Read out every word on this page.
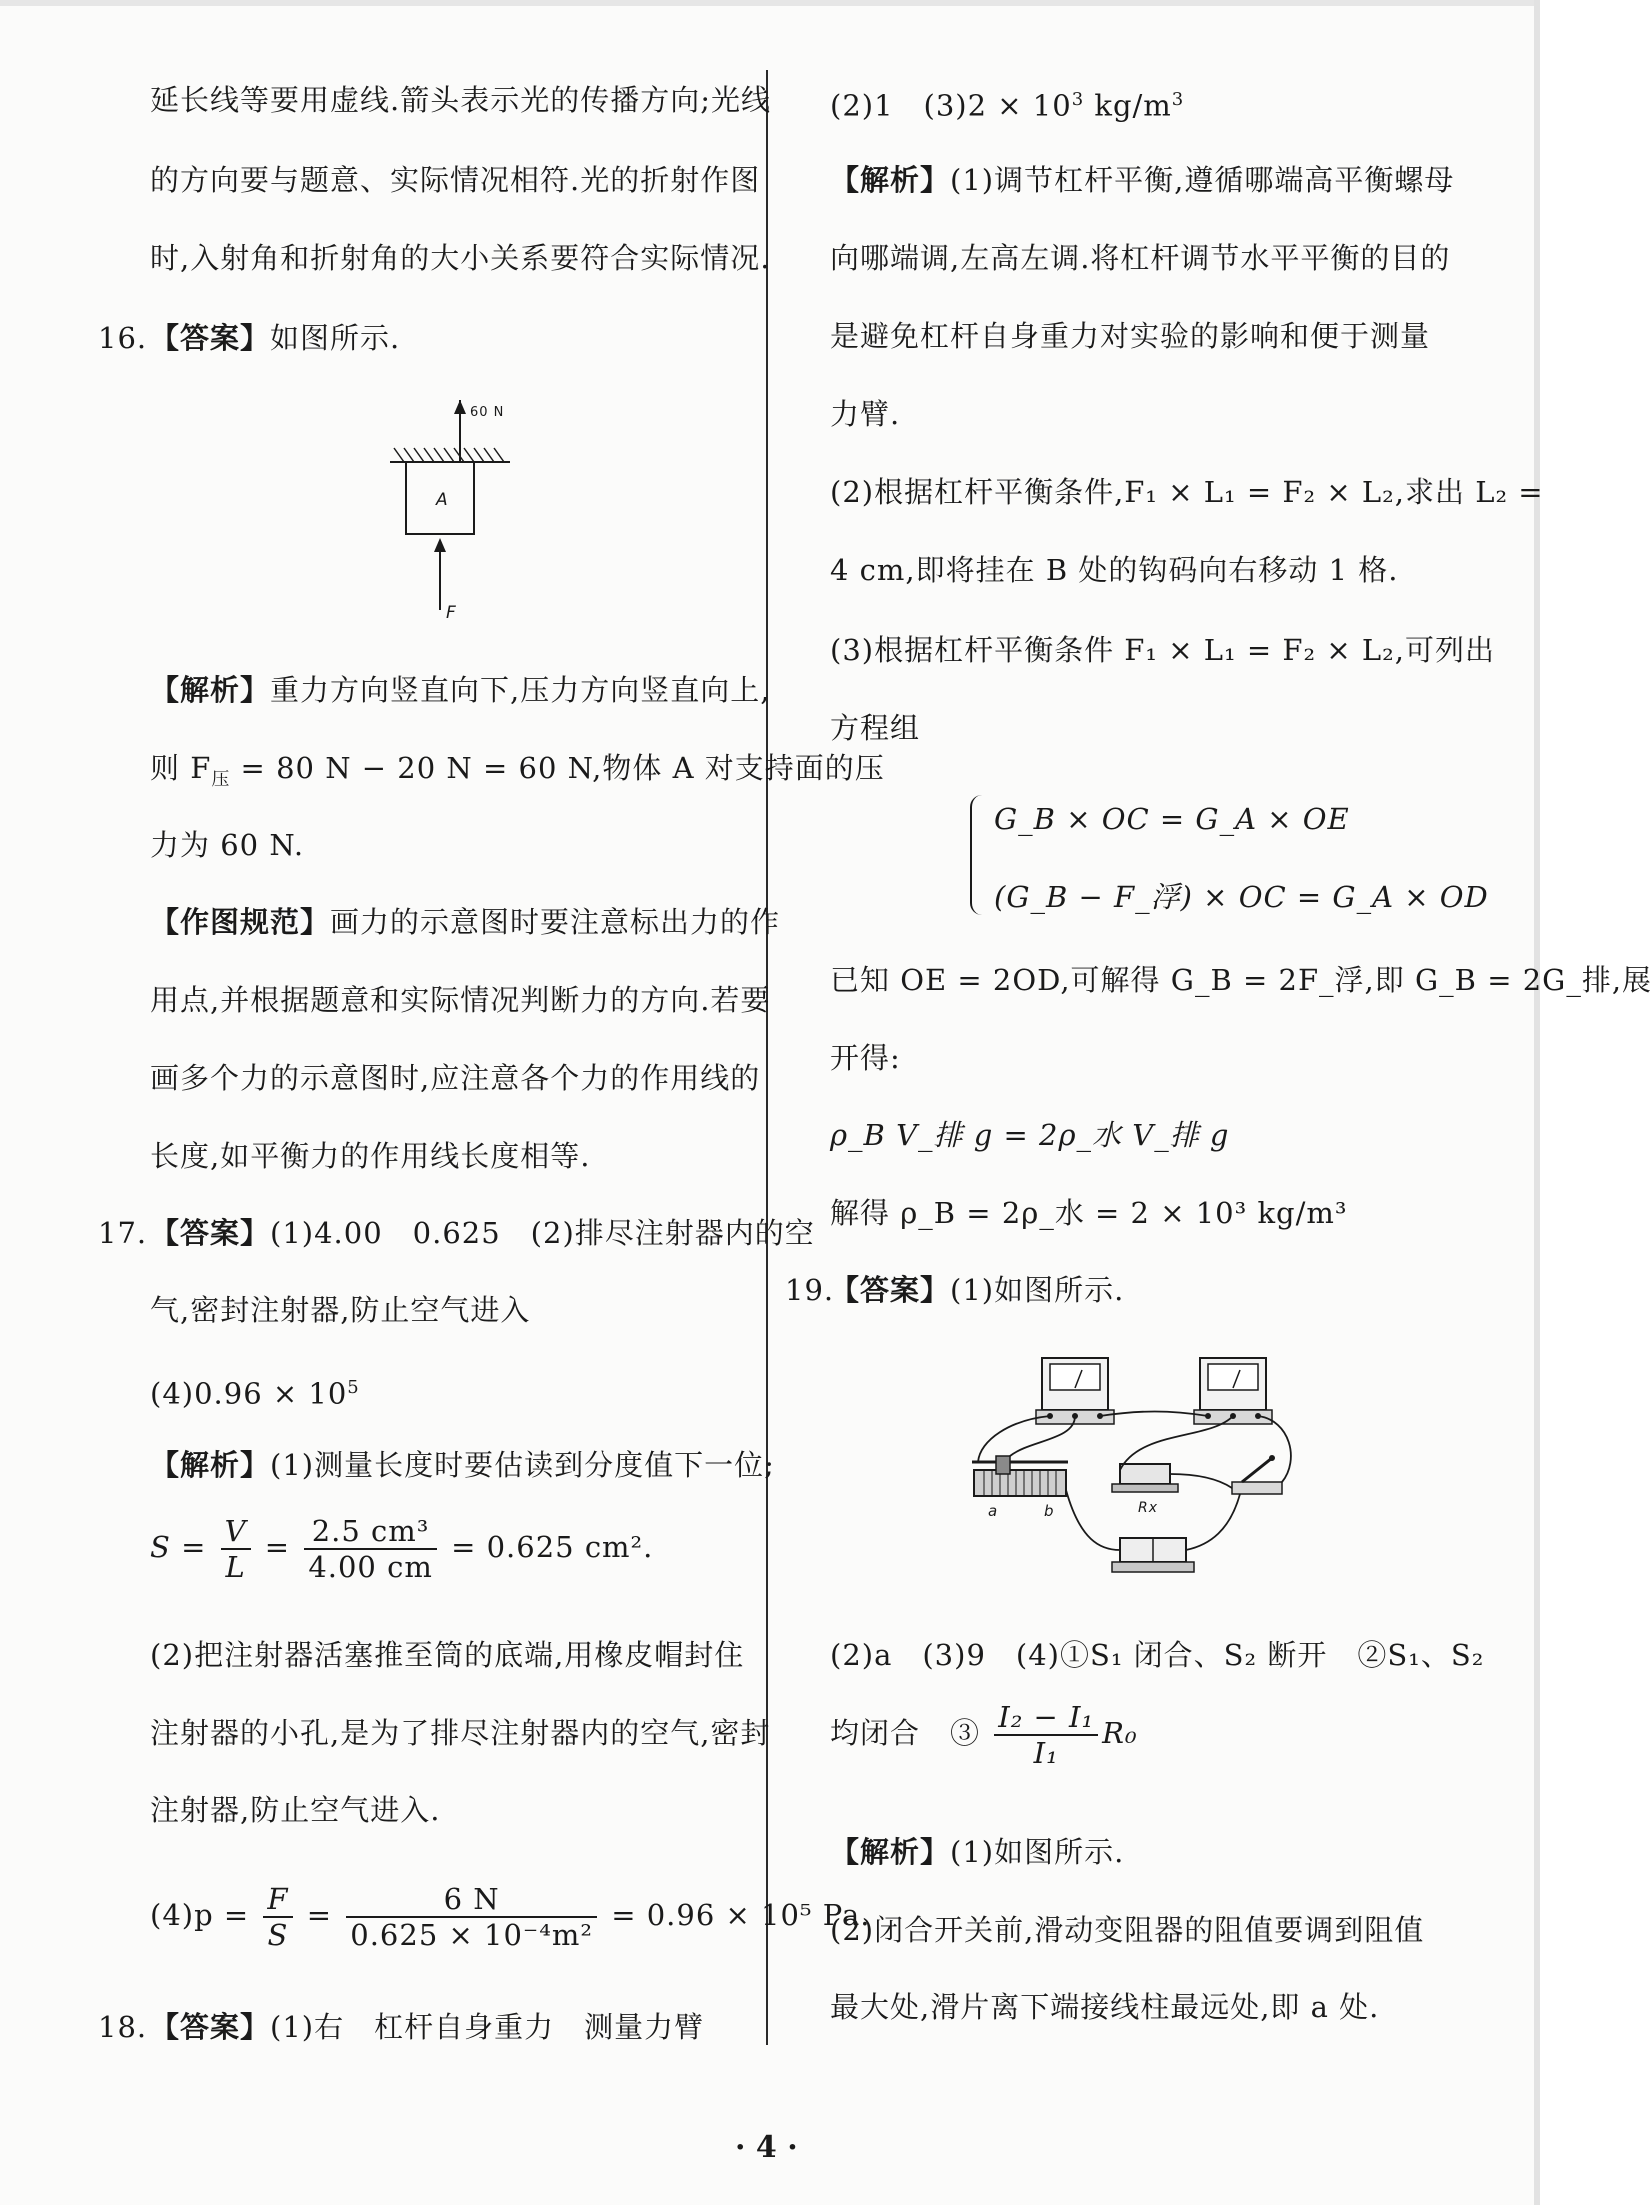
延长线等要用虚线.箭头表示光的传播方向;光线
的方向要与题意、实际情况相符.光的折射作图
时,入射角和折射角的大小关系要符合实际情况.
16. 【答案】如图所示.
60 N
A
F
【解析】重力方向竖直向下,压力方向竖直向上,
则 $F_压 = 80$ N − 20 N = 60 N,物体 A 对支持面的压
力为 60 N.
【作图规范】画力的示意图时要注意标出力的作
用点,并根据题意和实际情况判断力的方向.若要
画多个力的示意图时,应注意各个力的作用线的
长度,如平衡力的作用线长度相等.
17. 【答案】(1)4.00　0.625　(2)排尽注射器内的空
气,密封注射器,防止空气进入
$(4)0.96 \times 10^5$
【解析】(1)测量长度时要估读到分度值下一位;
$S = \frac{V}{L} = \frac{\text{2.5 cm³}}{4.00 cm} = 0.625$ cm².
(2)把注射器活塞推至筒的底端,用橡皮帽封住
注射器的小孔,是为了排尽注射器内的空气,密封
注射器,防止空气进入.
$(4)p = \frac{F}{S} = \frac{6 N}{\text{0.625 × 10⁻⁴m²}} = 0.96 \times 10^5$ Pa.
18. 【答案】(1)右　杠杆自身重力　测量力臂
(2)1　$(3)2 \times 10^3$ $kg/m^3$
【解析】(1)调节杠杆平衡,遵循哪端高平衡螺母
向哪端调,左高左调.将杠杆调节水平平衡的目的
是避免杠杆自身重力对实验的影响和便于测量
力臂.
(2)根据杠杆平衡条件,F₁ × L₁ = F₂ × L₂,求出 L₂ =
4 cm,即将挂在 B 处的钩码向右移动 1 格.
(3)根据杠杆平衡条件 F₁ × L₁ = F₂ × L₂,可列出
方程组
G_B × OC = G_A × OE
(G_B − F_浮) × OC = G_A × OD
已知 OE = 2OD,可解得 G_B = 2F_浮,即 G_B = 2G_排,展
开得:
ρ_B V_排 g = 2ρ_水 V_排 g
解得 ρ_B = 2ρ_水 = 2 × 10³ kg/m³
19.
【答案】(1)如图所示.
a	b	Rx
(2)a　(3)9　(4)①S₁ 闭合、S₂ 断开　②S₁、S₂
均闭合　③ $\frac{\text{I₂ − I₁}}{\text{I₁}} R_0$
【解析】(1)如图所示.
(2)闭合开关前,滑动变阻器的阻值要调到阻值
最大处,滑片离下端接线柱最远处,即 a 处.
· 4 ·
